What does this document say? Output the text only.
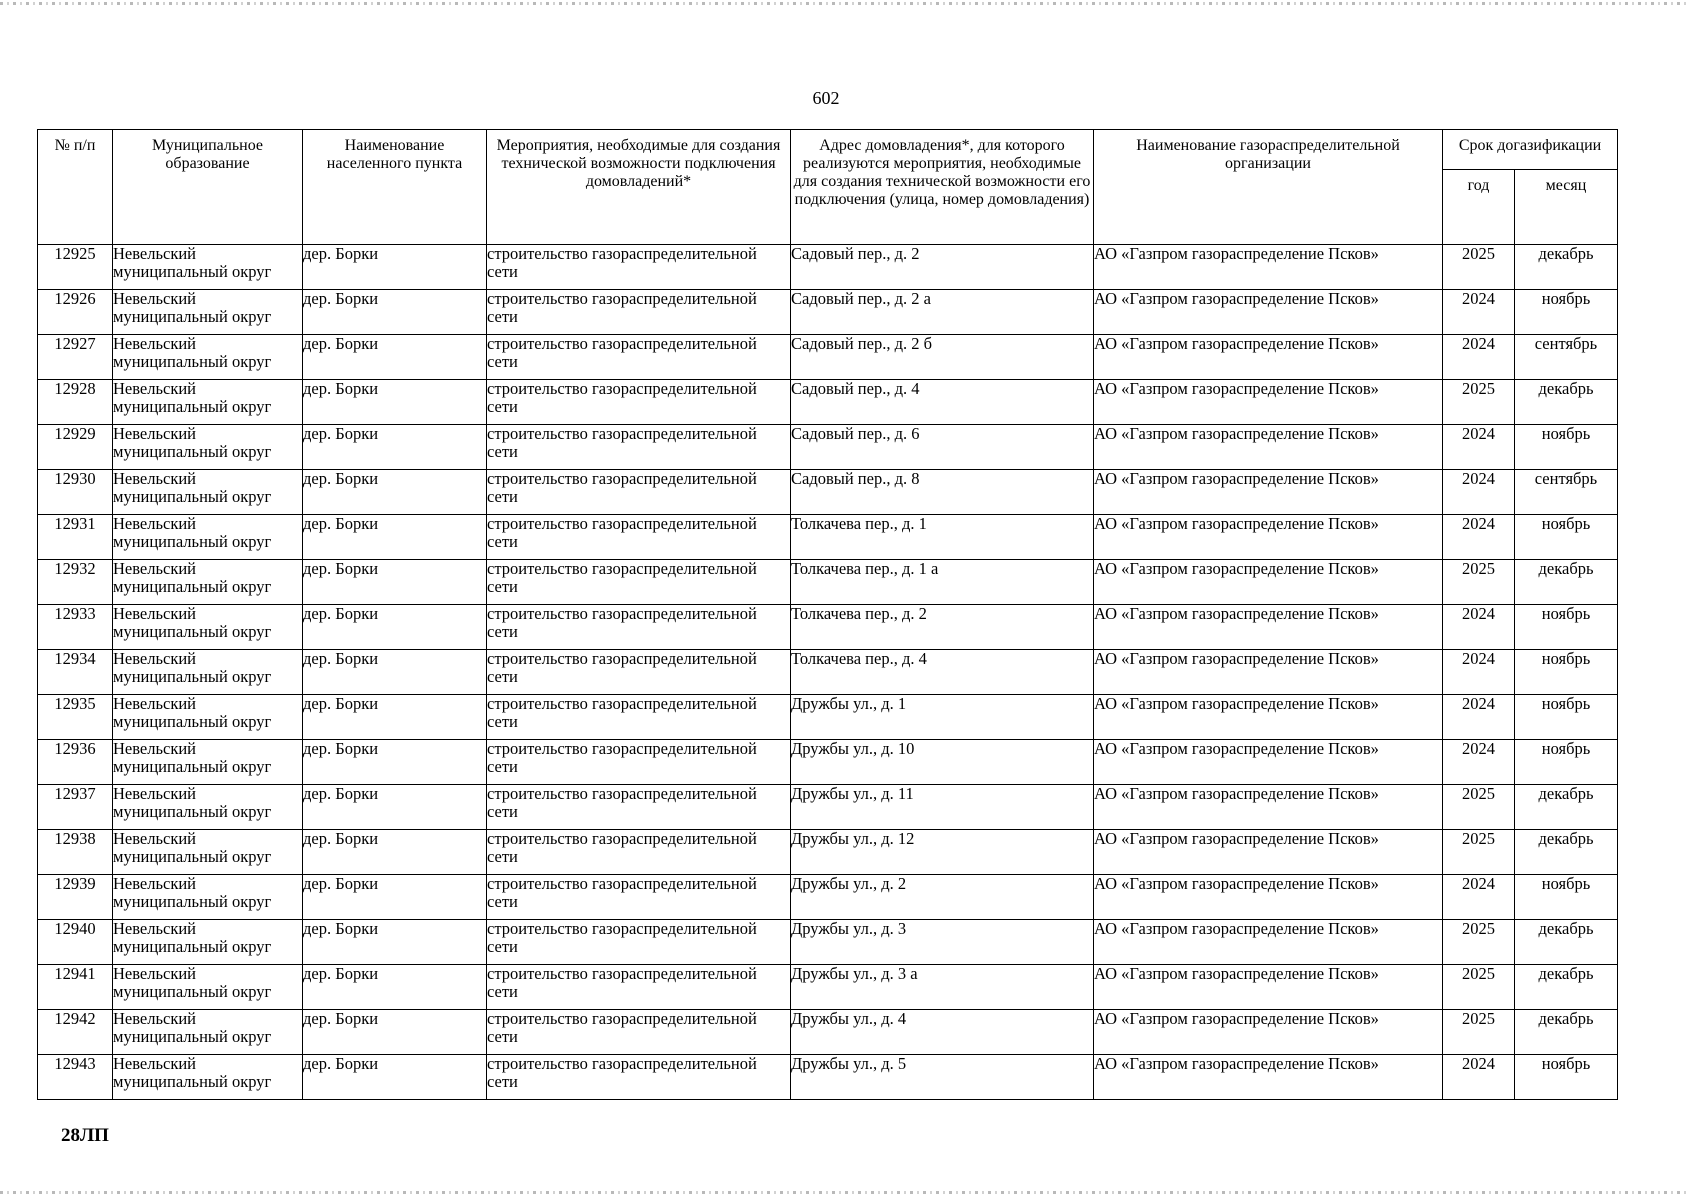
602
№ п/п	Муниципальное образование	Наименование населенного пункта	Мероприятия, необходимые для создания технической возможности подключения домовладений*	Адрес домовладения*, для которого реализуются мероприятия, необходимые для создания технической возможности его подключения (улица, номер домовладения)	Наименование газораспределительной организации	Срок догазификации	
						год	месяц
12925	Невельский муниципальный округ	дер. Борки	строительство газораспределительной сети	Садовый пер., д. 2	АО «Газпром газораспределение Псков»	2025	декабрь
12926	Невельский муниципальный округ	дер. Борки	строительство газораспределительной сети	Садовый пер., д. 2 а	АО «Газпром газораспределение Псков»	2024	ноябрь
12927	Невельский муниципальный округ	дер. Борки	строительство газораспределительной сети	Садовый пер., д. 2 б	АО «Газпром газораспределение Псков»	2024	сентябрь
12928	Невельский муниципальный округ	дер. Борки	строительство газораспределительной сети	Садовый пер., д. 4	АО «Газпром газораспределение Псков»	2025	декабрь
12929	Невельский муниципальный округ	дер. Борки	строительство газораспределительной сети	Садовый пер., д. 6	АО «Газпром газораспределение Псков»	2024	ноябрь
12930	Невельский муниципальный округ	дер. Борки	строительство газораспределительной сети	Садовый пер., д. 8	АО «Газпром газораспределение Псков»	2024	сентябрь
12931	Невельский муниципальный округ	дер. Борки	строительство газораспределительной сети	Толкачева пер., д. 1	АО «Газпром газораспределение Псков»	2024	ноябрь
12932	Невельский муниципальный округ	дер. Борки	строительство газораспределительной сети	Толкачева пер., д. 1 а	АО «Газпром газораспределение Псков»	2025	декабрь
12933	Невельский муниципальный округ	дер. Борки	строительство газораспределительной сети	Толкачева пер., д. 2	АО «Газпром газораспределение Псков»	2024	ноябрь
12934	Невельский муниципальный округ	дер. Борки	строительство газораспределительной сети	Толкачева пер., д. 4	АО «Газпром газораспределение Псков»	2024	ноябрь
12935	Невельский муниципальный округ	дер. Борки	строительство газораспределительной сети	Дружбы ул., д. 1	АО «Газпром газораспределение Псков»	2024	ноябрь
12936	Невельский муниципальный округ	дер. Борки	строительство газораспределительной сети	Дружбы ул., д. 10	АО «Газпром газораспределение Псков»	2024	ноябрь
12937	Невельский муниципальный округ	дер. Борки	строительство газораспределительной сети	Дружбы ул., д. 11	АО «Газпром газораспределение Псков»	2025	декабрь
12938	Невельский муниципальный округ	дер. Борки	строительство газораспределительной сети	Дружбы ул., д. 12	АО «Газпром газораспределение Псков»	2025	декабрь
12939	Невельский муниципальный округ	дер. Борки	строительство газораспределительной сети	Дружбы ул., д. 2	АО «Газпром газораспределение Псков»	2024	ноябрь
12940	Невельский муниципальный округ	дер. Борки	строительство газораспределительной сети	Дружбы ул., д. 3	АО «Газпром газораспределение Псков»	2025	декабрь
12941	Невельский муниципальный округ	дер. Борки	строительство газораспределительной сети	Дружбы ул., д. 3 а	АО «Газпром газораспределение Псков»	2025	декабрь
12942	Невельский муниципальный округ	дер. Борки	строительство газораспределительной сети	Дружбы ул., д. 4	АО «Газпром газораспределение Псков»	2025	декабрь
12943	Невельский муниципальный округ	дер. Борки	строительство газораспределительной сети	Дружбы ул., д. 5	АО «Газпром газораспределение Псков»	2024	ноябрь
28ЛП
